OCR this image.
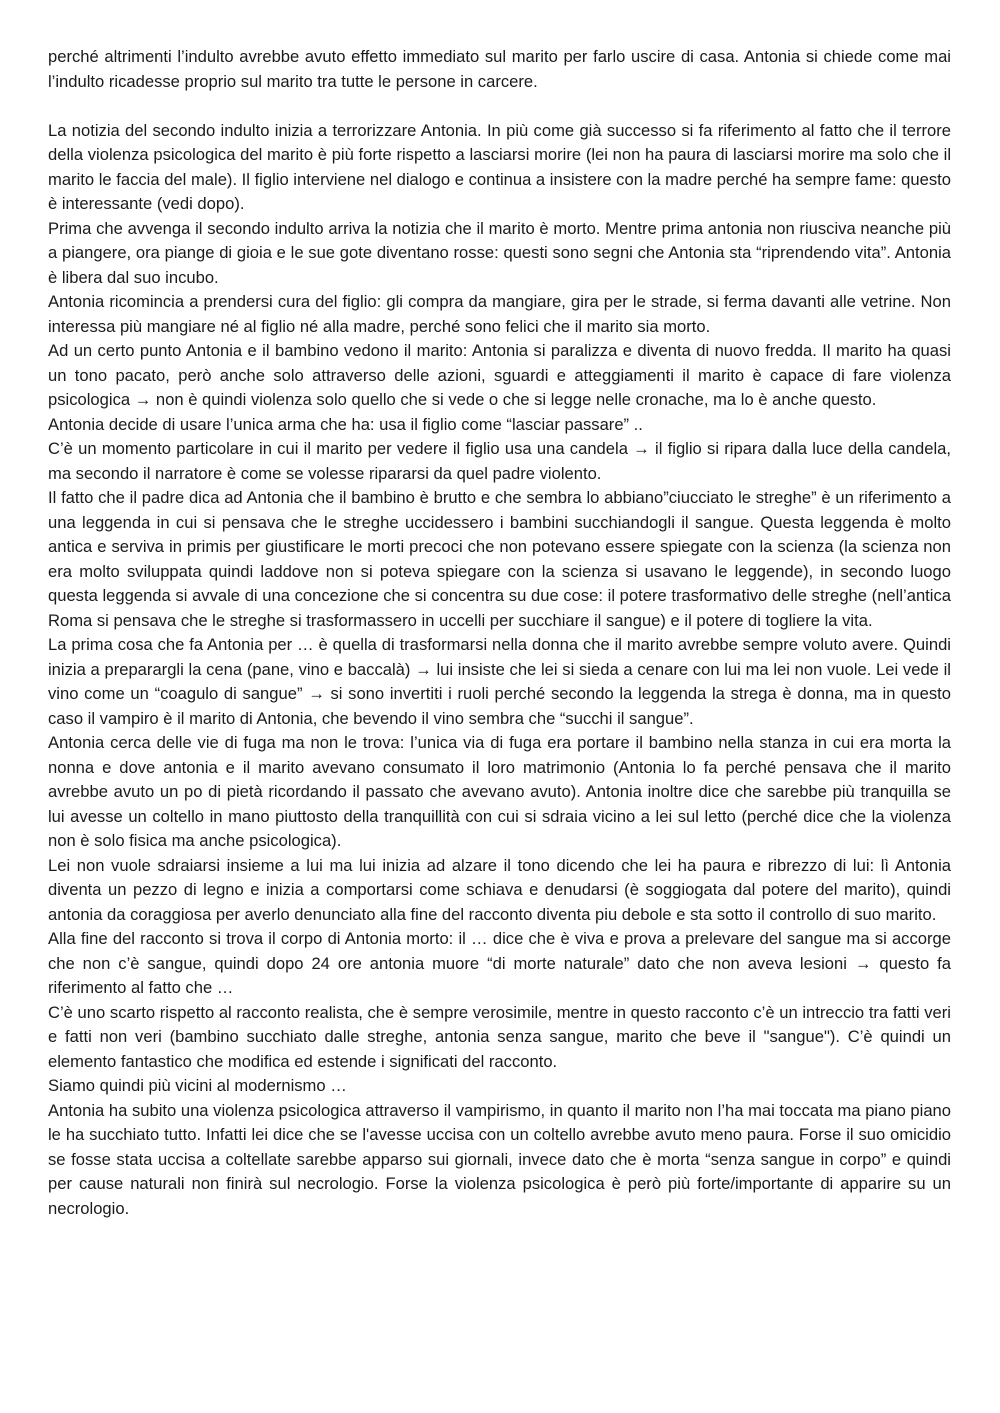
perché altrimenti l’indulto avrebbe avuto effetto immediato sul marito per farlo uscire di casa. Antonia si chiede come mai l’indulto ricadesse proprio sul marito tra tutte le persone in carcere.

La notizia del secondo indulto inizia a terrorizzare Antonia. In più come già successo si fa riferimento al fatto che il terrore della violenza psicologica del marito è più forte rispetto a lasciarsi morire (lei non ha paura di lasciarsi morire ma solo che il marito le faccia del male). Il figlio interviene nel dialogo e continua a insistere con la madre perché ha sempre fame: questo è interessante (vedi dopo).

Prima che avvenga il secondo indulto arriva la notizia che il marito è morto. Mentre prima antonia non riusciva neanche più a piangere, ora piange di gioia e le sue gote diventano rosse: questi sono segni che Antonia sta “riprendendo vita”. Antonia è libera dal suo incubo.

Antonia ricomincia a prendersi cura del figlio: gli compra da mangiare, gira per le strade, si ferma davanti alle vetrine. Non interessa più mangiare né al figlio né alla madre, perché sono felici che il marito sia morto.

Ad un certo punto Antonia e il bambino vedono il marito: Antonia si paralizza e diventa di nuovo fredda. Il marito ha quasi un tono pacato, però anche solo attraverso delle azioni, sguardi e atteggiamenti il marito è capace di fare violenza psicologica → non è quindi violenza solo quello che si vede o che si legge nelle cronache, ma lo è anche questo.

Antonia decide di usare l’unica arma che ha: usa il figlio come “lasciar passare” ..

C’è un momento particolare in cui il marito per vedere il figlio usa una candela → il figlio si ripara dalla luce della candela, ma secondo il narratore è come se volesse ripararsi da quel padre violento.

Il fatto che il padre dica ad Antonia che il bambino è brutto e che sembra lo abbiano”ciucciato le streghe” è un riferimento a una leggenda in cui si pensava che le streghe uccidessero i bambini succhiandogli il sangue. Questa leggenda è molto antica e serviva in primis per giustificare le morti precoci che non potevano essere spiegate con la scienza (la scienza non era molto sviluppata quindi laddove non si poteva spiegare con la scienza si usavano le leggende), in secondo luogo questa leggenda si avvale di una concezione che si concentra su due cose: il potere trasformativo delle streghe (nell’antica Roma si pensava che le streghe si trasformassero in uccelli per succhiare il sangue) e il potere di togliere la vita.

La prima cosa che fa Antonia per … è quella di trasformarsi nella donna che il marito avrebbe sempre voluto avere. Quindi inizia a preparargli la cena (pane, vino e baccalà) → lui insiste che lei si sieda a cenare con lui ma lei non vuole. Lei vede il vino come un “coagulo di sangue” → si sono invertiti i ruoli perché secondo la leggenda la strega è donna, ma in questo caso il vampiro è il marito di Antonia, che bevendo il vino sembra che “succhi il sangue”.

Antonia cerca delle vie di fuga ma non le trova: l’unica via di fuga era portare il bambino nella stanza in cui era morta la nonna e dove antonia e il marito avevano consumato il loro matrimonio (Antonia lo fa perché pensava che il marito avrebbe avuto un po di pietà ricordando il passato che avevano avuto). Antonia inoltre dice che sarebbe più tranquilla se lui avesse un coltello in mano piuttosto della tranquillità con cui si sdraia vicino a lei sul letto (perché dice che la violenza non è solo fisica ma anche psicologica).

Lei non vuole sdraiarsi insieme a lui ma lui inizia ad alzare il tono dicendo che lei ha paura e ribrezzo di lui: lì Antonia diventa un pezzo di legno e inizia a comportarsi come schiava e denudarsi (è soggiogata dal potere del marito), quindi antonia da coraggiosa per averlo denunciato alla fine del racconto diventa piu debole e sta sotto il controllo di suo marito.

Alla fine del racconto si trova il corpo di Antonia morto: il … dice che è viva e prova a prelevare del sangue ma si accorge che non c’è sangue, quindi dopo 24 ore antonia muore “di morte naturale” dato che non aveva lesioni → questo fa riferimento al fatto che …

C’è uno scarto rispetto al racconto realista, che è sempre verosimile, mentre in questo racconto c’è un intreccio tra fatti veri e fatti non veri (bambino succhiato dalle streghe, antonia senza sangue, marito che beve il "sangue"). C’è quindi un elemento fantastico che modifica ed estende i significati del racconto.

Siamo quindi più vicini al modernismo …

Antonia ha subito una violenza psicologica attraverso il vampirismo, in quanto il marito non l’ha mai toccata ma piano piano le ha succhiato tutto. Infatti lei dice che se l'avesse uccisa con un coltello avrebbe avuto meno paura. Forse il suo omicidio se fosse stata uccisa a coltellate sarebbe apparso sui giornali, invece dato che è morta “senza sangue in corpo” e quindi per cause naturali non finirà sul necrologio. Forse la violenza psicologica è però più forte/importante di apparire su un necrologio.
